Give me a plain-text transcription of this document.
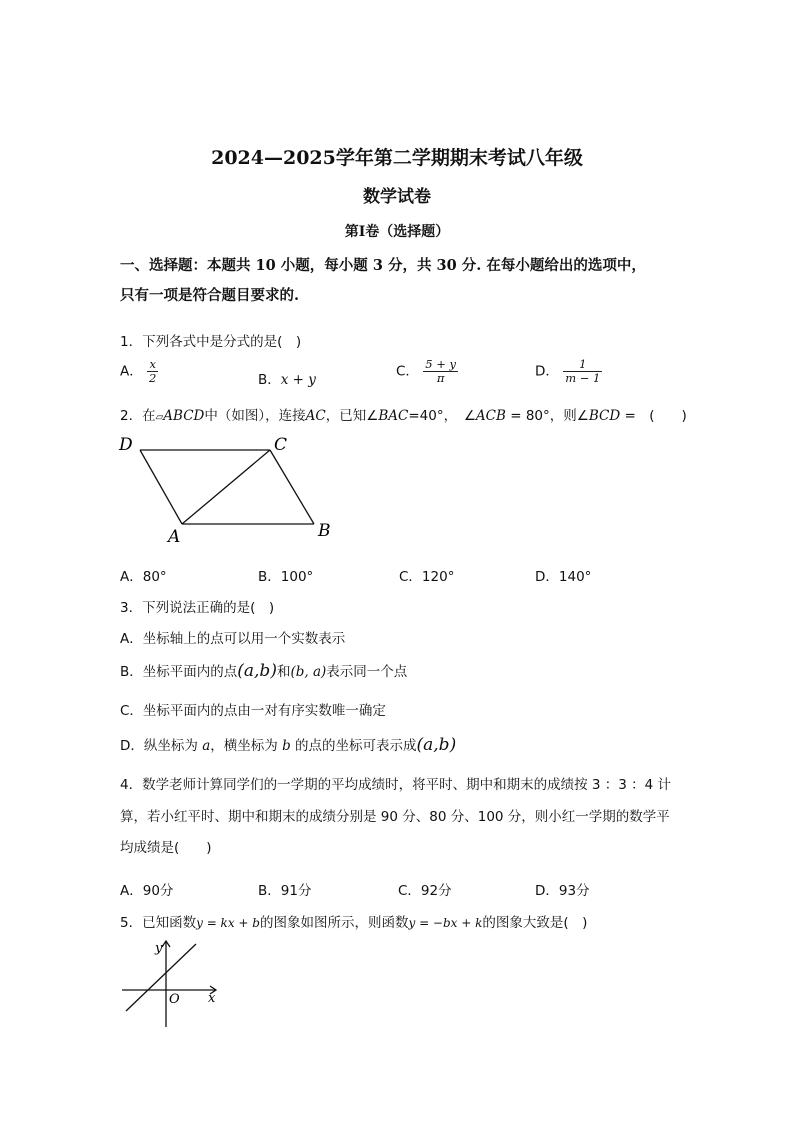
2024—2025学年第二学期期末考试八年级
数学试卷
第Ⅰ卷（选择题）
一、选择题：本题共 10 小题，每小题 3 分，共 30 分. 在每小题给出的选项中，
只有一项是符合题目要求的.
1．下列各式中是分式的是(　)
A． $\frac{x}{2}$	B．x + y
C． $\frac{5 + y}{\pi}$	D． $\frac{1}{m - 1}$
2．在▱ABCD中（如图），连接AC，已知∠BAC=40°，　∠ACB = 80°，则∠BCD =　(　　)
D	C
A	B
A．80°	B．100°	C．120°	D．140°
3．下列说法正确的是(　)
A．坐标轴上的点可以用一个实数表示
B．坐标平面内的点(a,b)和(b, a)表示同一个点
C．坐标平面内的点由一对有序实数唯一确定
D．纵坐标为 a，横坐标为 b 的点的坐标可表示成(a,b)
4．数学老师计算同学们的一学期的平均成绩时，将平时、期中和期末的成绩按 3 ：3 ：4 计
算，若小红平时、期中和期末的成绩分别是 90 分、80 分、100 分，则小红一学期的数学平
均成绩是(　　)
A．90分	B．91分	C．92分	D．93分
5．已知函数y = kx + b的图象如图所示，则函数y = −bx + k的图象大致是(　)
y
x
O
